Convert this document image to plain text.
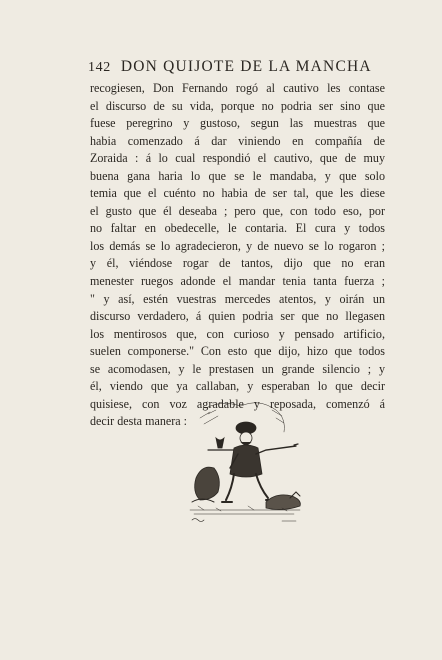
142 DON QUIJOTE DE LA MANCHA
recogiesen, Don Fernando rogó al cautivo les contase
el discurso de su vida, porque no podria ser sino que
fuese peregrino y gustoso, segun las muestras que
habia comenzado á dar viniendo en compañía de
Zoraida : á lo cual respondió el cautivo, que de muy
buena gana haria lo que se le mandaba, y que solo
temia que el cuénto no habia de ser tal, que les diese
el gusto que él deseaba ; pero que, con todo eso, por
no faltar en obedecelle, le contaria. El cura y todos
los demás se lo agradecieron, y de nuevo se lo rogaron ;
y él, viéndose rogar de tantos, dijo que no eran
menester ruegos adonde el mandar tenia tanta fuerza ;
" y así, estén vuestras mercedes atentos, y oirán un
discurso verdadero, á quien podria ser que no llegasen
los mentirosos que, con curioso y pensado artificio,
suelen componerse." Con esto que dijo, hizo que todos
se acomodasen, y le prestasen un grande silencio ; y
él, viendo que ya callaban, y esperaban lo que decir
quisiese, con voz agradable y reposada, comenzó á
decir desta manera :
